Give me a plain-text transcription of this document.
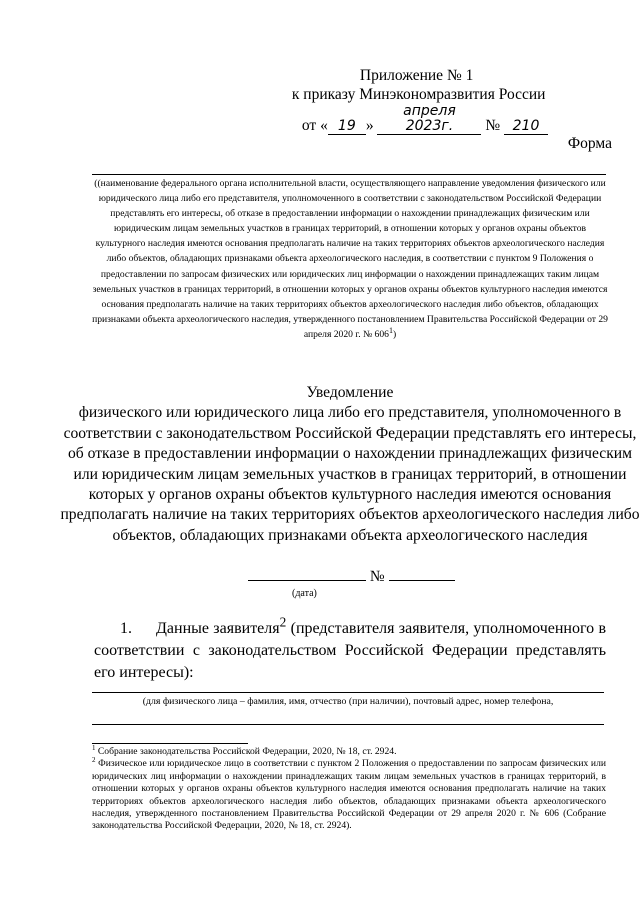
Приложение № 1
к приказу Минэкономразвития России
от « 19 » апреля 2023г. № 210
Форма
((наименование федерального органа исполнительной власти, осуществляющего направление уведомления физического или юридического лица либо его представителя, уполномоченного в соответствии с законодательством Российской Федерации представлять его интересы, об отказе в предоставлении информации о нахождении принадлежащих физическим или юридическим лицам земельных участков в границах территорий, в отношении которых у органов охраны объектов культурного наследия имеются основания предполагать наличие на таких территориях объектов археологического наследия либо объектов, обладающих признаками объекта археологического наследия, в соответствии с пунктом 9 Положения о предоставлении по запросам физических или юридических лиц информации о нахождении принадлежащих таким лицам земельных участков в границах территорий, в отношении которых у органов охраны объектов культурного наследия имеются основания предполагать наличие на таких территориях объектов археологического наследия либо объектов, обладающих признаками объекта археологического наследия, утвержденного постановлением Правительства Российской Федерации от 29 апреля 2020 г. № $606^1$)
Уведомление
физического или юридического лица либо его представителя, уполномоченного в соответствии с законодательством Российской Федерации представлять его интересы, об отказе в предоставлении информации о нахождении принадлежащих физическим или юридическим лицам земельных участков в границах территорий, в отношении которых у органов охраны объектов культурного наследия имеются основания предполагать наличие на таких территориях объектов археологического наследия либо объектов, обладающих признаками объекта археологического наследия
№
(дата)
1. Данные заявителя$^2$ (представителя заявителя, уполномоченного в соответствии с законодательством Российской Федерации представлять его интересы):
(для физического лица – фамилия, имя, отчество (при наличии), почтовый адрес, номер телефона,

$^1$ Собрание законодательства Российской Федерации, 2020, № 18, ст. 2924.

$^2$ Физическое или юридическое лицо в соответствии с пунктом 2 Положения о предоставлении по запросам физических или юридических лиц информации о нахождении принадлежащих таким лицам земельных участков в границах территорий, в отношении которых у органов охраны объектов культурного наследия имеются основания предполагать наличие на таких территориях объектов археологического наследия либо объектов, обладающих признаками объекта археологического наследия, утвержденного постановлением Правительства Российской Федерации от 29 апреля 2020 г. № 606 (Собрание законодательства Российской Федерации, 2020, № 18, ст. 2924).
